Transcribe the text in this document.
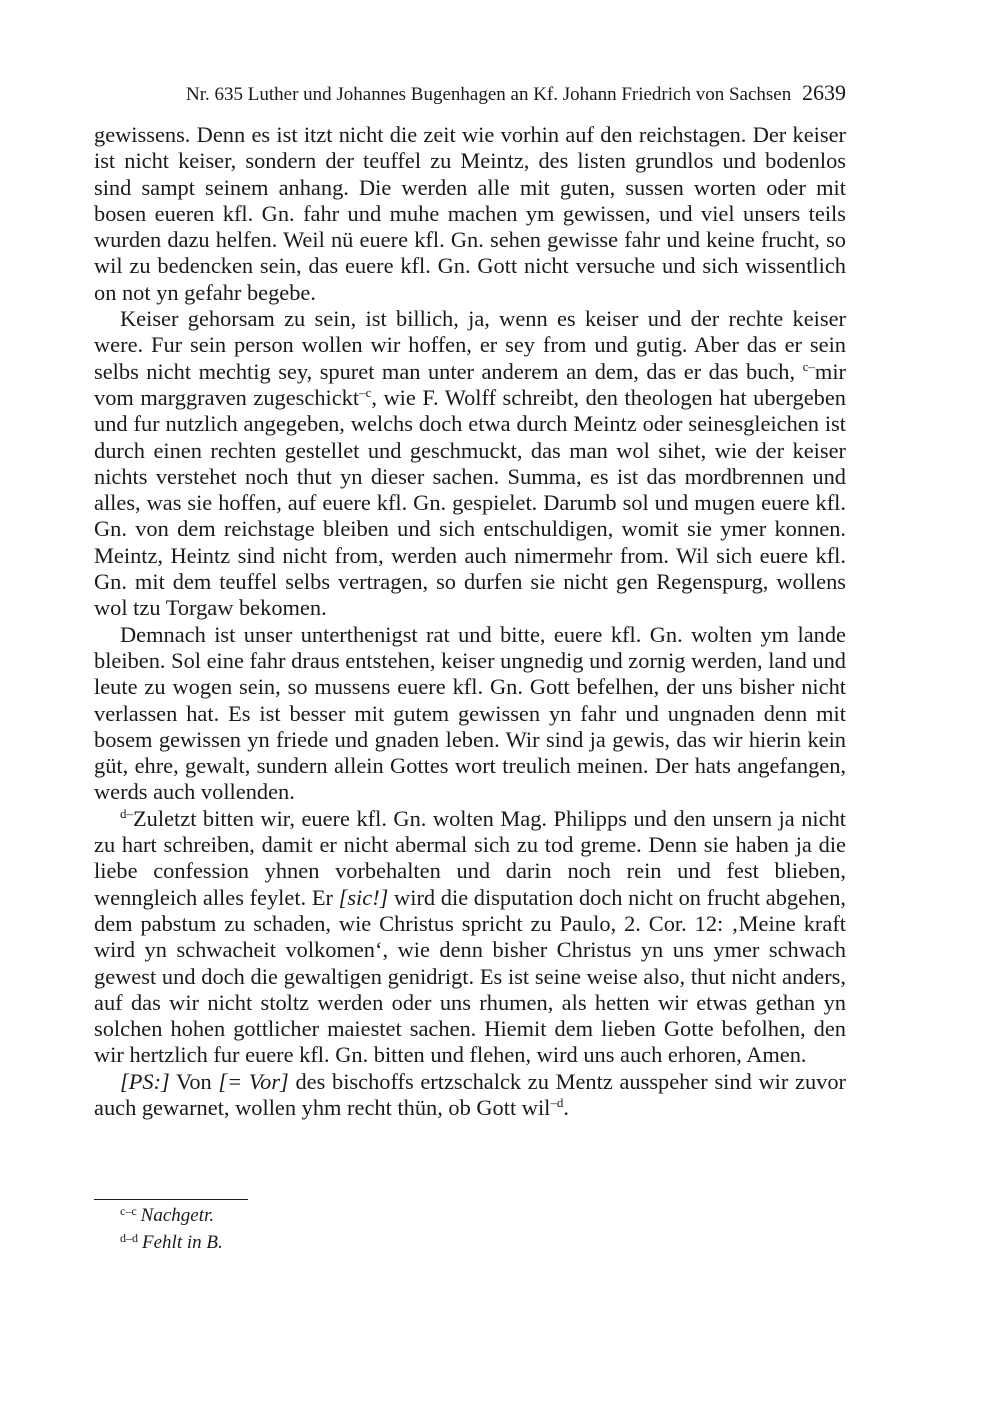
Nr. 635 Luther und Johannes Bugenhagen an Kf. Johann Friedrich von Sachsen 2639

gewissens. Denn es ist itzt nicht die zeit wie vorhin auf den reichstagen. Der keiser ist nicht keiser, sondern der teuffel zu Meintz, des listen grundlos und bodenlos sind sampt seinem anhang. Die werden alle mit guten, sussen worten oder mit bosen eueren kfl. Gn. fahr und muhe machen ym gewissen, und viel unsers teils wurden dazu helfen. Weil nü euere kfl. Gn. sehen gewisse fahr und keine frucht, so wil zu bedencken sein, das euere kfl. Gn. Gott nicht versuche und sich wissentlich on not yn gefahr begebe.

Keiser gehorsam zu sein, ist billich, ja, wenn es keiser und der rechte keiser were. Fur sein person wollen wir hoffen, er sey from und gutig. Aber das er sein selbs nicht mechtig sey, spuret man unter anderem an dem, das er das buch, $^{c-}$mir vom marggraven zugeschickt$^{-c}$, wie F. Wolff schreibt, den theologen hat ubergeben und fur nutzlich angegeben, welchs doch etwa durch Meintz oder seinesgleichen ist durch einen rechten gestellet und geschmuckt, das man wol sihet, wie der keiser nichts verstehet noch thut yn dieser sachen. Summa, es ist das mordbrennen und alles, was sie hoffen, auf euere kfl. Gn. gespielet. Darumb sol und mugen euere kfl. Gn. von dem reichstage bleiben und sich entschuldigen, womit sie ymer konnen. Meintz, Heintz sind nicht from, werden auch nimermehr from. Wil sich euere kfl. Gn. mit dem teuffel selbs vertragen, so durfen sie nicht gen Regenspurg, wollens wol tzu Torgaw bekomen.

Demnach ist unser unterthenigst rat und bitte, euere kfl. Gn. wolten ym lande bleiben. Sol eine fahr draus entstehen, keiser ungnedig und zornig werden, land und leute zu wogen sein, so mussens euere kfl. Gn. Gott befelhen, der uns bisher nicht verlassen hat. Es ist besser mit gutem gewissen yn fahr und ungnaden denn mit bosem gewissen yn friede und gnaden leben. Wir sind ja gewis, das wir hierin kein güt, ehre, gewalt, sundern allein Gottes wort treulich meinen. Der hats angefangen, werds auch vollenden.

$^{d-}$Zuletzt bitten wir, euere kfl. Gn. wolten Mag. Philipps und den unsern ja nicht zu hart schreiben, damit er nicht abermal sich zu tod greme. Denn sie haben ja die liebe confession yhnen vorbehalten und darin noch rein und fest blieben, wenngleich alles feylet. Er [sic!] wird die disputation doch nicht on frucht abgehen, dem pabstum zu schaden, wie Christus spricht zu Paulo, 2. Cor. 12: ‚Meine kraft wird yn schwacheit volkomen‘, wie denn bisher Christus yn uns ymer schwach gewest und doch die gewaltigen genidrigt. Es ist seine weise also, thut nicht anders, auf das wir nicht stoltz werden oder uns rhumen, als hetten wir etwas gethan yn solchen hohen gottlicher maiestet sachen. Hiemit dem lieben Gotte befolhen, den wir hertzlich fur euere kfl. Gn. bitten und flehen, wird uns auch erhoren, Amen.

[PS:] Von [= Vor] des bischoffs ertzschalck zu Mentz ausspeher sind wir zuvor auch gewarnet, wollen yhm recht thün, ob Gott wil$^{-d}$.

$^{c-c}$ Nachgetr.
$^{d-d}$ Fehlt in B.
